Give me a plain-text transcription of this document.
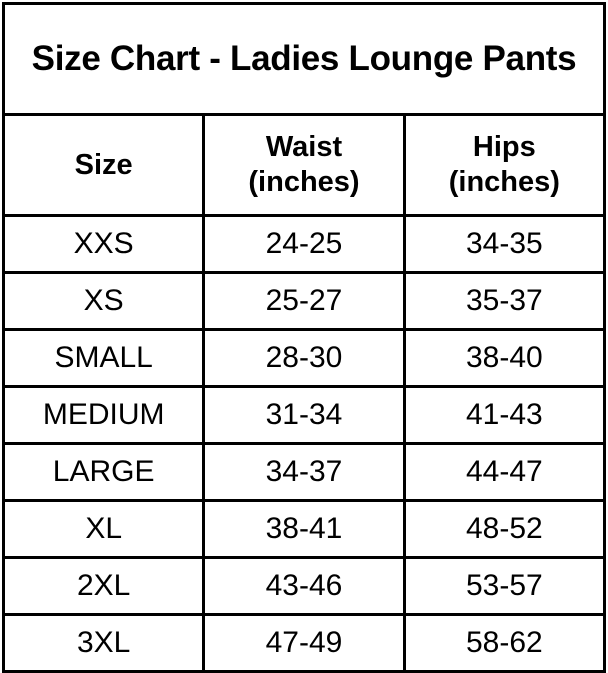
Size Chart - Ladies Lounge Pants		

Size

Waist
(inches)

Hips
(inches)

XXS	24-25	34-35
XS	25-27	35-37
SMALL	28-30	38-40
MEDIUM	31-34	41-43
LARGE	34-37	44-47
XL	38-41	48-52
2XL	43-46	53-57
3XL	47-49	58-62
